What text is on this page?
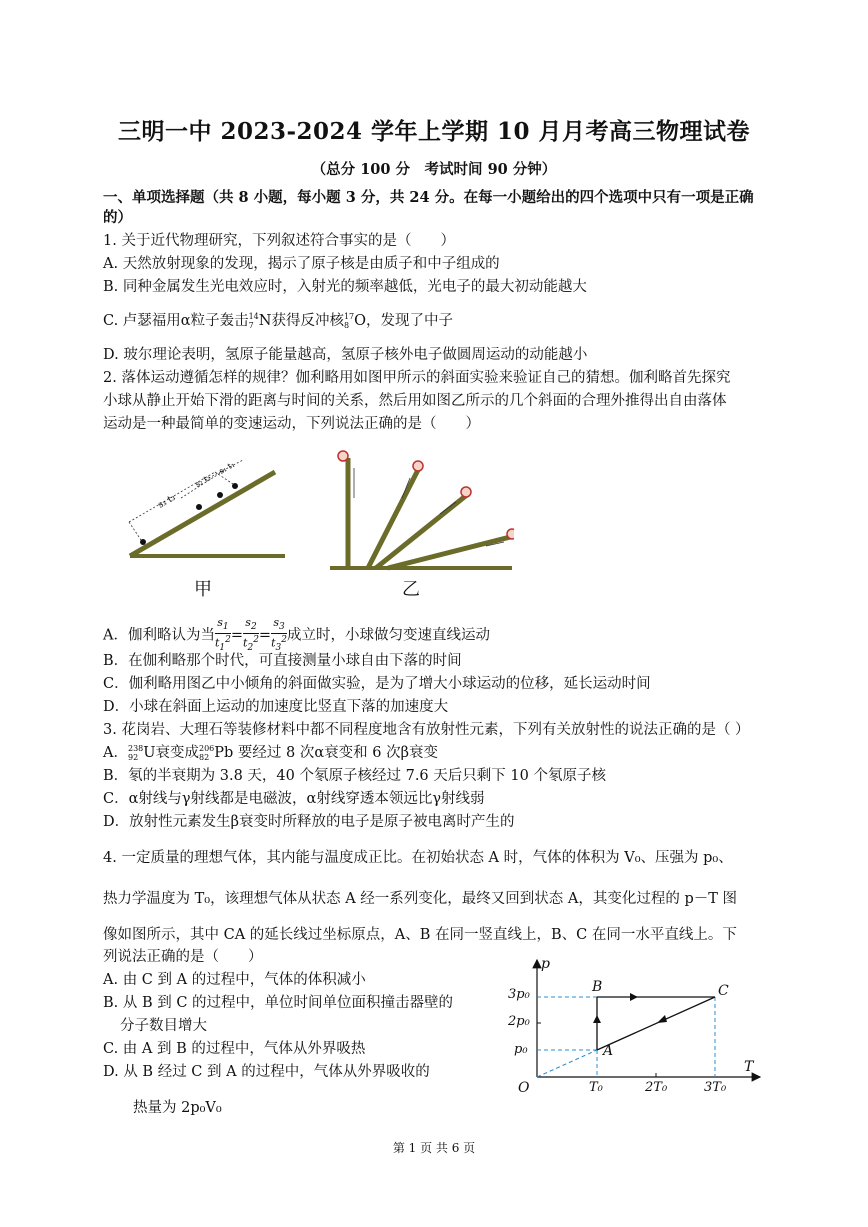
三明一中 2023-2024 学年上学期 10 月月考高三物理试卷
（总分 100 分　考试时间 90 分钟）
一、单项选择题（共 8 小题，每小题 3 分，共 24 分。在每一小题给出的四个选项中只有一项是正确
的）
1. 关于近代物理研究，下列叙述符合事实的是（　　）
A. 天然放射现象的发现，揭示了原子核是由质子和中子组成的
B. 同种金属发生光电效应时，入射光的频率越低，光电子的最大初动能越大
C. 卢瑟福用α粒子轰击 14
7 N获得反冲核 17
8 O，发现了中子
D. 玻尔理论表明，氢原子能量越高，氢原子核外电子做圆周运动的动能越小
2. 落体运动遵循怎样的规律？伽利略用如图甲所示的斜面实验来验证自己的猜想。伽利略首先探究
小球从静止开始下滑的距离与时间的关系，然后用如图乙所示的几个斜面的合理外推得出自由落体
运动是一种最简单的变速运动，下列说法正确的是（　　）
s₃ t₃
s₂ t₂
s₁ t₁
甲	乙
A．伽利略认为当 $\frac{s_1}{t_1^2} = \frac{s_2}{t_2^2} = \frac{s_3}{t_3^2}$ 成立时，小球做匀变速直线运动
B．在伽利略那个时代，可直接测量小球自由下落的时间
C．伽利略用图乙中小倾角的斜面做实验，是为了增大小球运动的位移，延长运动时间
D．小球在斜面上运动的加速度比竖直下落的加速度大
3. 花岗岩、大理石等装修材料中都不同程度地含有放射性元素，下列有关放射性的说法正确的是（ ）
A． 238
92 U衰变成 206
82 Pb 要经过 8 次α衰变和 6 次β衰变
B．氡的半衰期为 3.8 天，40 个氡原子核经过 7.6 天后只剩下 10 个氡原子核
C．α射线与γ射线都是电磁波，α射线穿透本领远比γ射线弱
D．放射性元素发生β衰变时所释放的电子是原子被电离时产生的
4. 一定质量的理想气体，其内能与温度成正比。在初始状态 A 时，气体的体积为 V₀、压强为 p₀、
热力学温度为 T₀，该理想气体从状态 A 经一系列变化，最终又回到状态 A，其变化过程的 p－T 图
像如图所示，其中 CA 的延长线过坐标原点，A、B 在同一竖直线上，B、C 在同一水平直线上。下
列说法正确的是（　　）
A. 由 C 到 A 的过程中，气体的体积减小
B. 从 B 到 C 的过程中，单位时间单位面积撞击器壁的
分子数目增大
C. 由 A 到 B 的过程中，气体从外界吸热
D. 从 B 经过 C 到 A 的过程中，气体从外界吸收的
热量为 2p₀V₀
p
T
O
3p₀
2p₀
p₀
T₀	2T₀	3T₀
A
B	C
第 1 页 共 6 页
